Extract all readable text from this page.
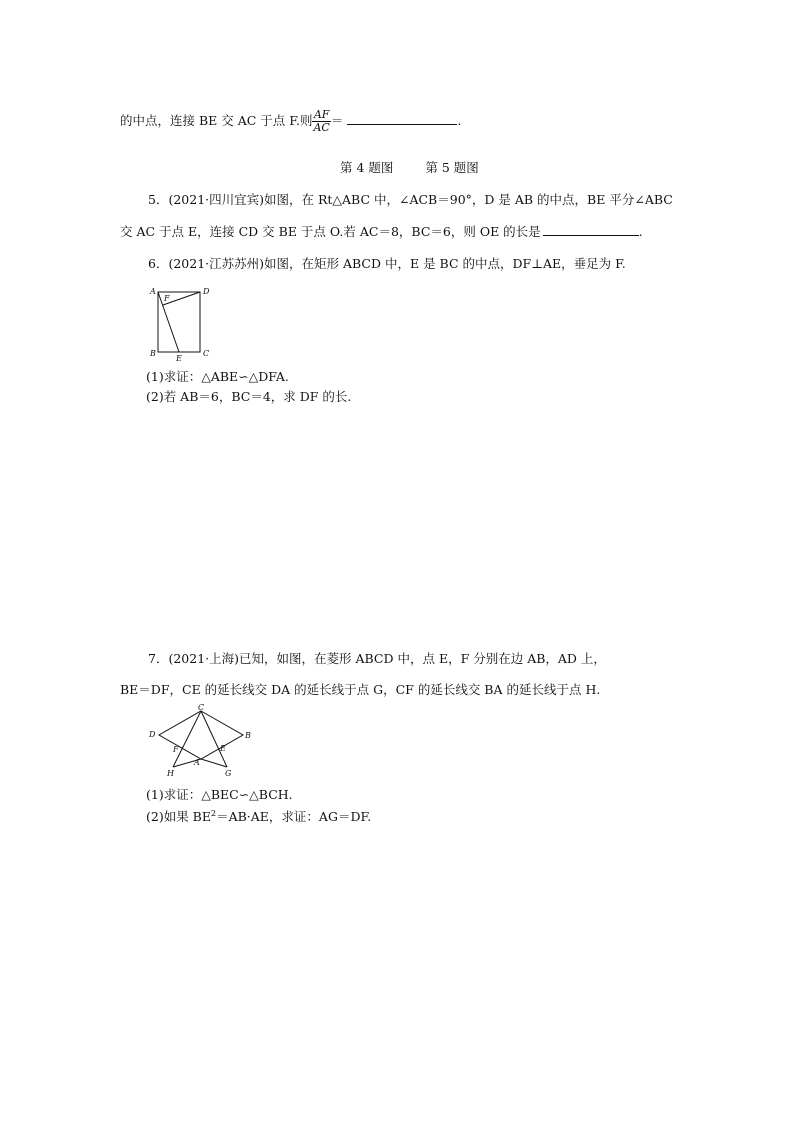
的中点，连接 BE 交 AC 于点 F.则 $\frac{AF}{AC}$ ＝	.
第 4 题图	第 5 题图
5．(2021·四川宜宾)如图，在 Rt△ABC 中，∠ACB＝90°，D 是 AB 的中点，BE 平分∠ABC
交 AC 于点 E，连接 CD 交 BE 于点 O.若 AC＝8，BC＝6，则 OE 的长是	.
6．(2021·江苏苏州)如图，在矩形 ABCD 中，E 是 BC 的中点，DF⊥AE，垂足为 F.
A	D
F
B
E
C
(1)求证：△ABE∽△DFA.
(2)若 AB＝6，BC＝4，求 DF 的长.
7．(2021·上海)已知，如图，在菱形 ABCD 中，点 E，F 分别在边 AB，AD 上，
BE＝DF，CE 的延长线交 DA 的延长线于点 G，CF 的延长线交 BA 的延长线于点 H.
C
D	B
F	E
A
H	G
(1)求证：△BEC∽△BCH.
(2)如果 $BE^2=AB\cdot AE$，求证：AG＝DF.
